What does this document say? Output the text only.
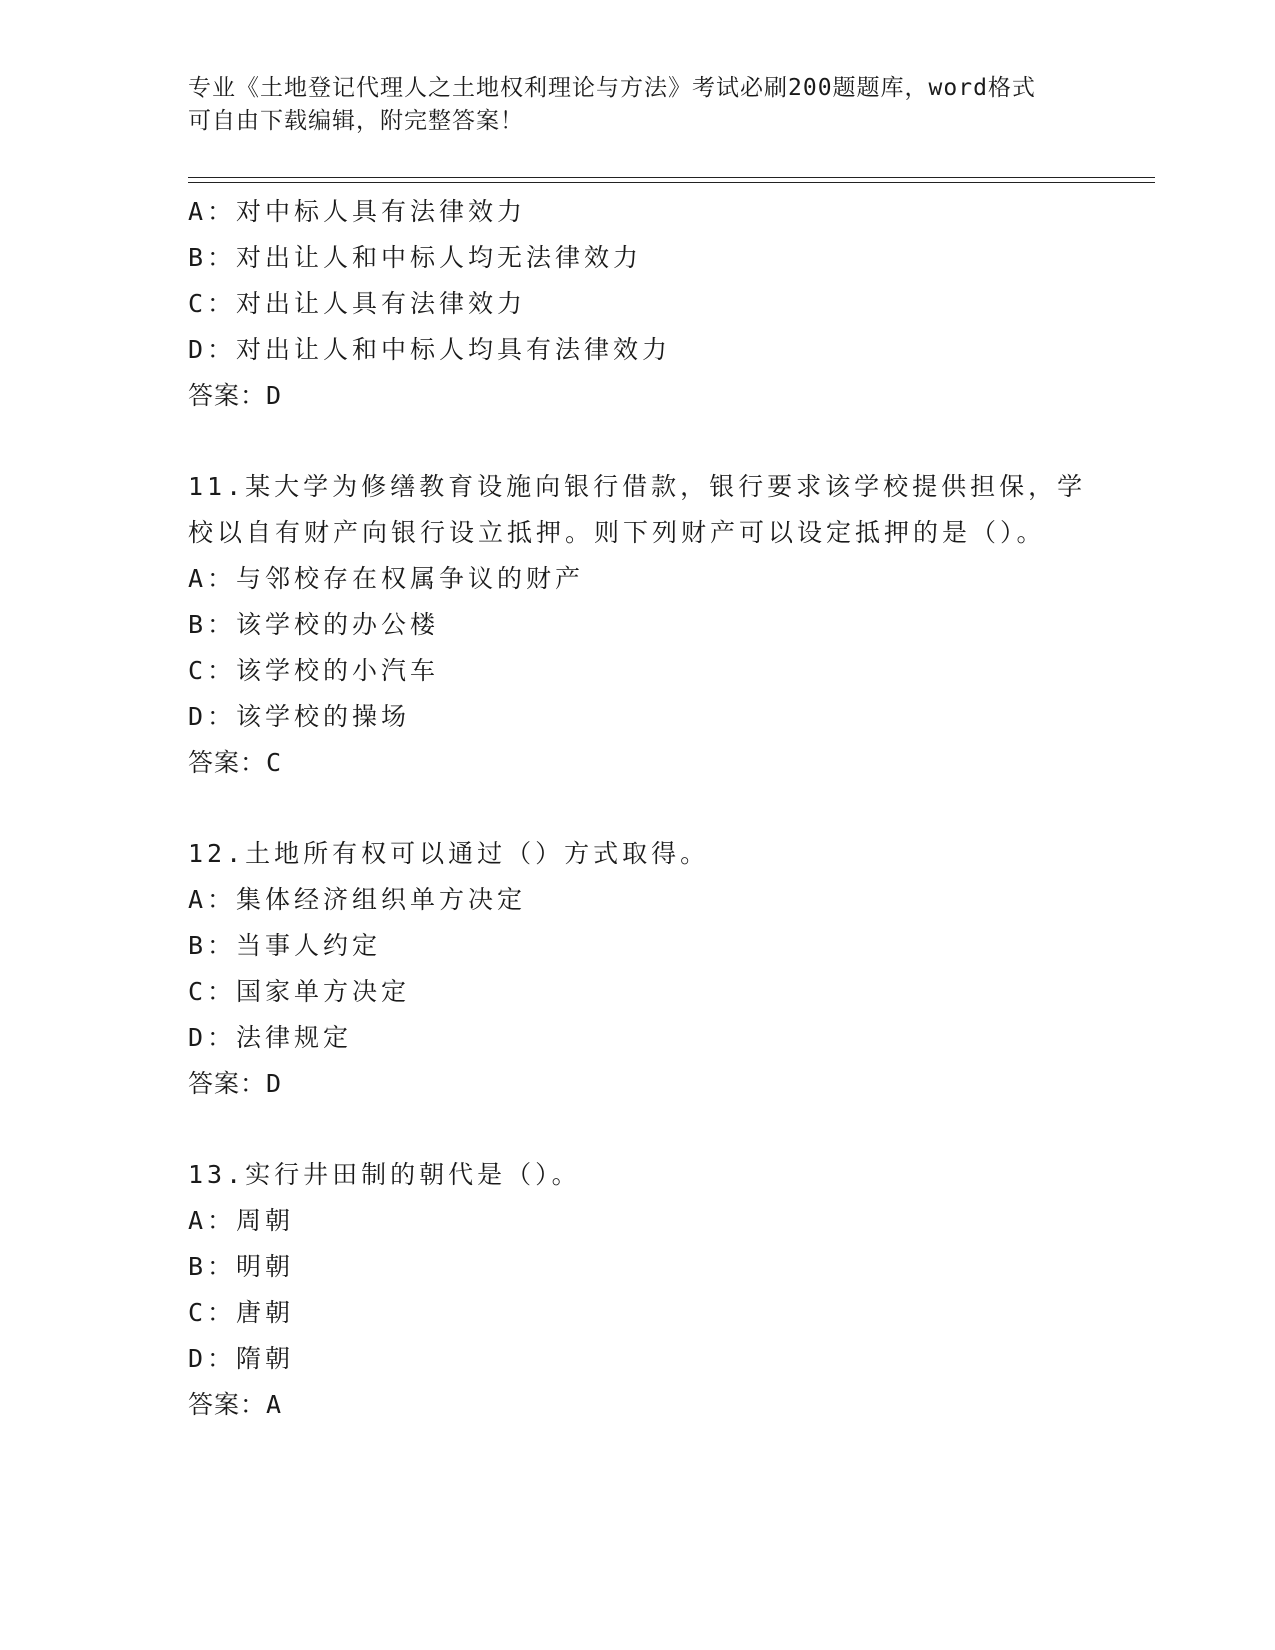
专业《土地登记代理人之土地权利理论与方法》考试必刷200题题库，word格式
可自由下载编辑，附完整答案！
A：对中标人具有法律效力
B：对出让人和中标人均无法律效力
C：对出让人具有法律效力
D：对出让人和中标人均具有法律效力
答案：D
11.某大学为修缮教育设施向银行借款，银行要求该学校提供担保，学
校以自有财产向银行设立抵押。则下列财产可以设定抵押的是（）。
A：与邻校存在权属争议的财产
B：该学校的办公楼
C：该学校的小汽车
D：该学校的操场
答案：C
12.土地所有权可以通过（）方式取得。
A：集体经济组织单方决定
B：当事人约定
C：国家单方决定
D：法律规定
答案：D
13.实行井田制的朝代是（）。
A：周朝
B：明朝
C：唐朝
D：隋朝
答案：A
